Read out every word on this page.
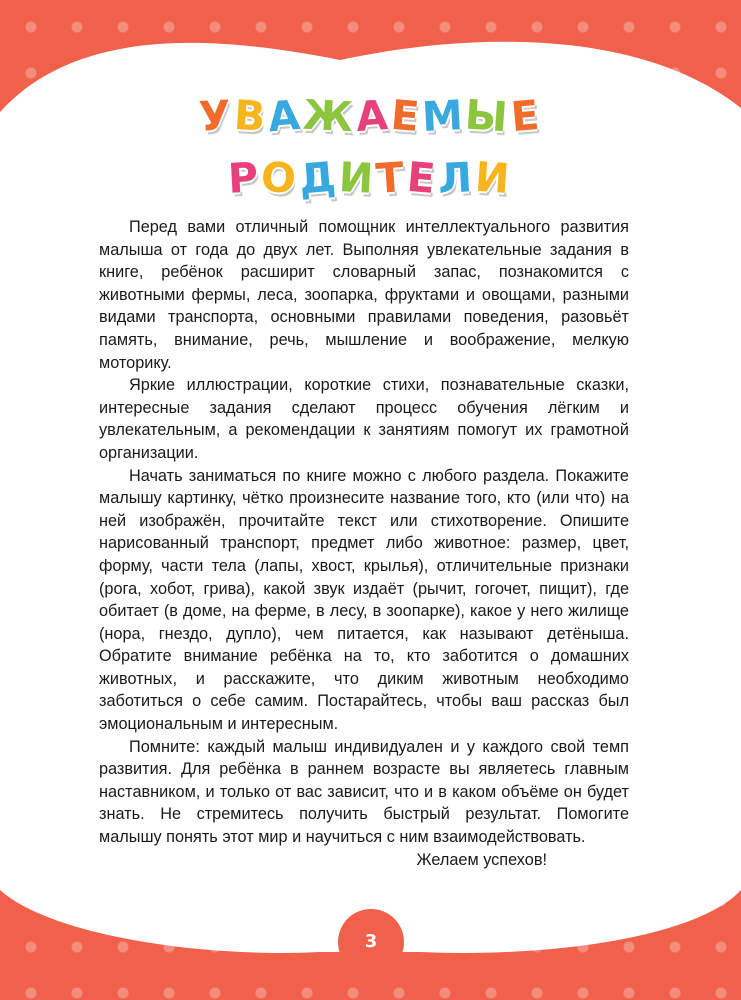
УВАЖАЕМЫЕ
РОДИТЕЛИ

Перед вами отличный помощник интеллектуального развития малыша от года до двух лет. Выполняя увлекательные задания в книге, ребёнок расширит словарный запас, познакомится с животными фермы, леса, зоопарка, фруктами и овощами, разными видами транспорта, основными правилами поведения, разовьёт память, внимание, речь, мышление и воображение, мелкую моторику.

Яркие иллюстрации, короткие стихи, познавательные сказки, интересные задания сделают процесс обучения лёгким и увлекательным, а рекомендации к занятиям помогут их грамотной организации.

Начать заниматься по книге можно с любого раздела. Покажите малышу картинку, чётко произнесите название того, кто (или что) на ней изображён, прочитайте текст или стихотворение. Опишите нарисованный транспорт, предмет либо животное: размер, цвет, форму, части тела (лапы, хвост, крылья), отличительные признаки (рога, хобот, грива), какой звук издаёт (рычит, гогочет, пищит), где обитает (в доме, на ферме, в лесу, в зоопарке), какое у него жилище (нора, гнездо, дупло), чем питается, как называют детёныша. Обратите внимание ребёнка на то, кто заботится о домашних животных, и расскажите, что диким животным необходимо заботиться о себе самим. Постарайтесь, чтобы ваш рассказ был эмоциональным и интересным.

Помните: каждый малыш индивидуален и у каждого свой темп развития. Для ребёнка в раннем возрасте вы являетесь главным наставником, и только от вас зависит, что и в каком объёме он будет знать. Не стремитесь получить быстрый результат. Помогите малышу понять этот мир и научиться с ним взаимодействовать.

Желаем успехов!

3
